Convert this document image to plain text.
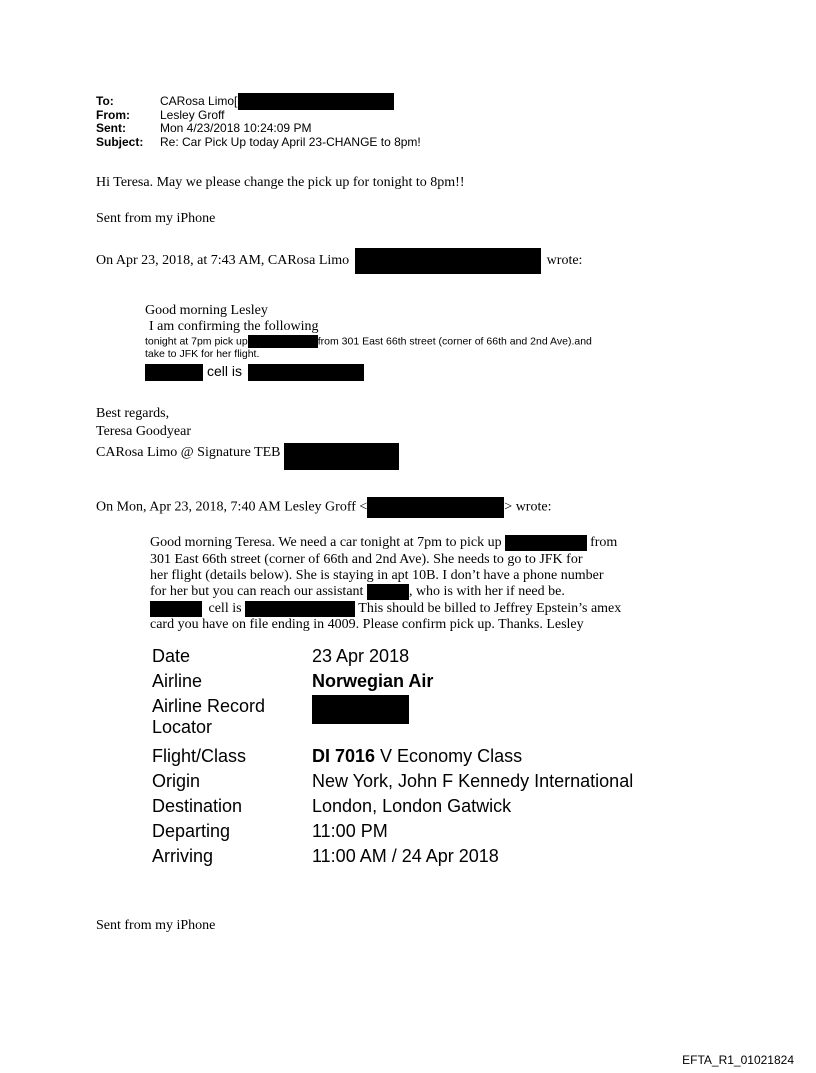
To:	CARosa Limo[
From:	Lesley Groff
Sent:	Mon 4/23/2018 10:24:09 PM
Subject:	Re: Car Pick Up today April 23-CHANGE to 8pm!
Hi Teresa. May we please change the pick up for tonight to 8pm!!
Sent from my iPhone
On Apr 23, 2018, at 7:43 AM, CARosa Limo	wrote:
Good morning Lesley
I am confirming the following
tonight at 7pm pick up	from 301 East 66th street (corner of 66th and 2nd Ave).and
take to JFK for her flight.
cell is
Best regards,
Teresa Goodyear
CARosa Limo @ Signature TEB
On Mon, Apr 23, 2018, 7:40 AM Lesley Groff <	> wrote:
Good morning Teresa. We need a car tonight at 7pm to pick up	from
301 East 66th street (corner of 66th and 2nd Ave). She needs to go to JFK for
her flight (details below). She is staying in apt 10B. I don’t have a phone number
for her but you can reach our assistant	, who is with her if need be.
cell is	This should be billed to Jeffrey Epstein’s amex
card you have on file ending in 4009. Please confirm pick up. Thanks. Lesley
Date	23 Apr 2018
Airline	Norwegian Air
Airline Record Locator
Flight/Class	DI 7016 V Economy Class
Origin	New York, John F Kennedy International
Destination	London, London Gatwick
Departing	11:00 PM
Arriving	11:00 AM / 24 Apr 2018
Sent from my iPhone
EFTA_R1_01021824
